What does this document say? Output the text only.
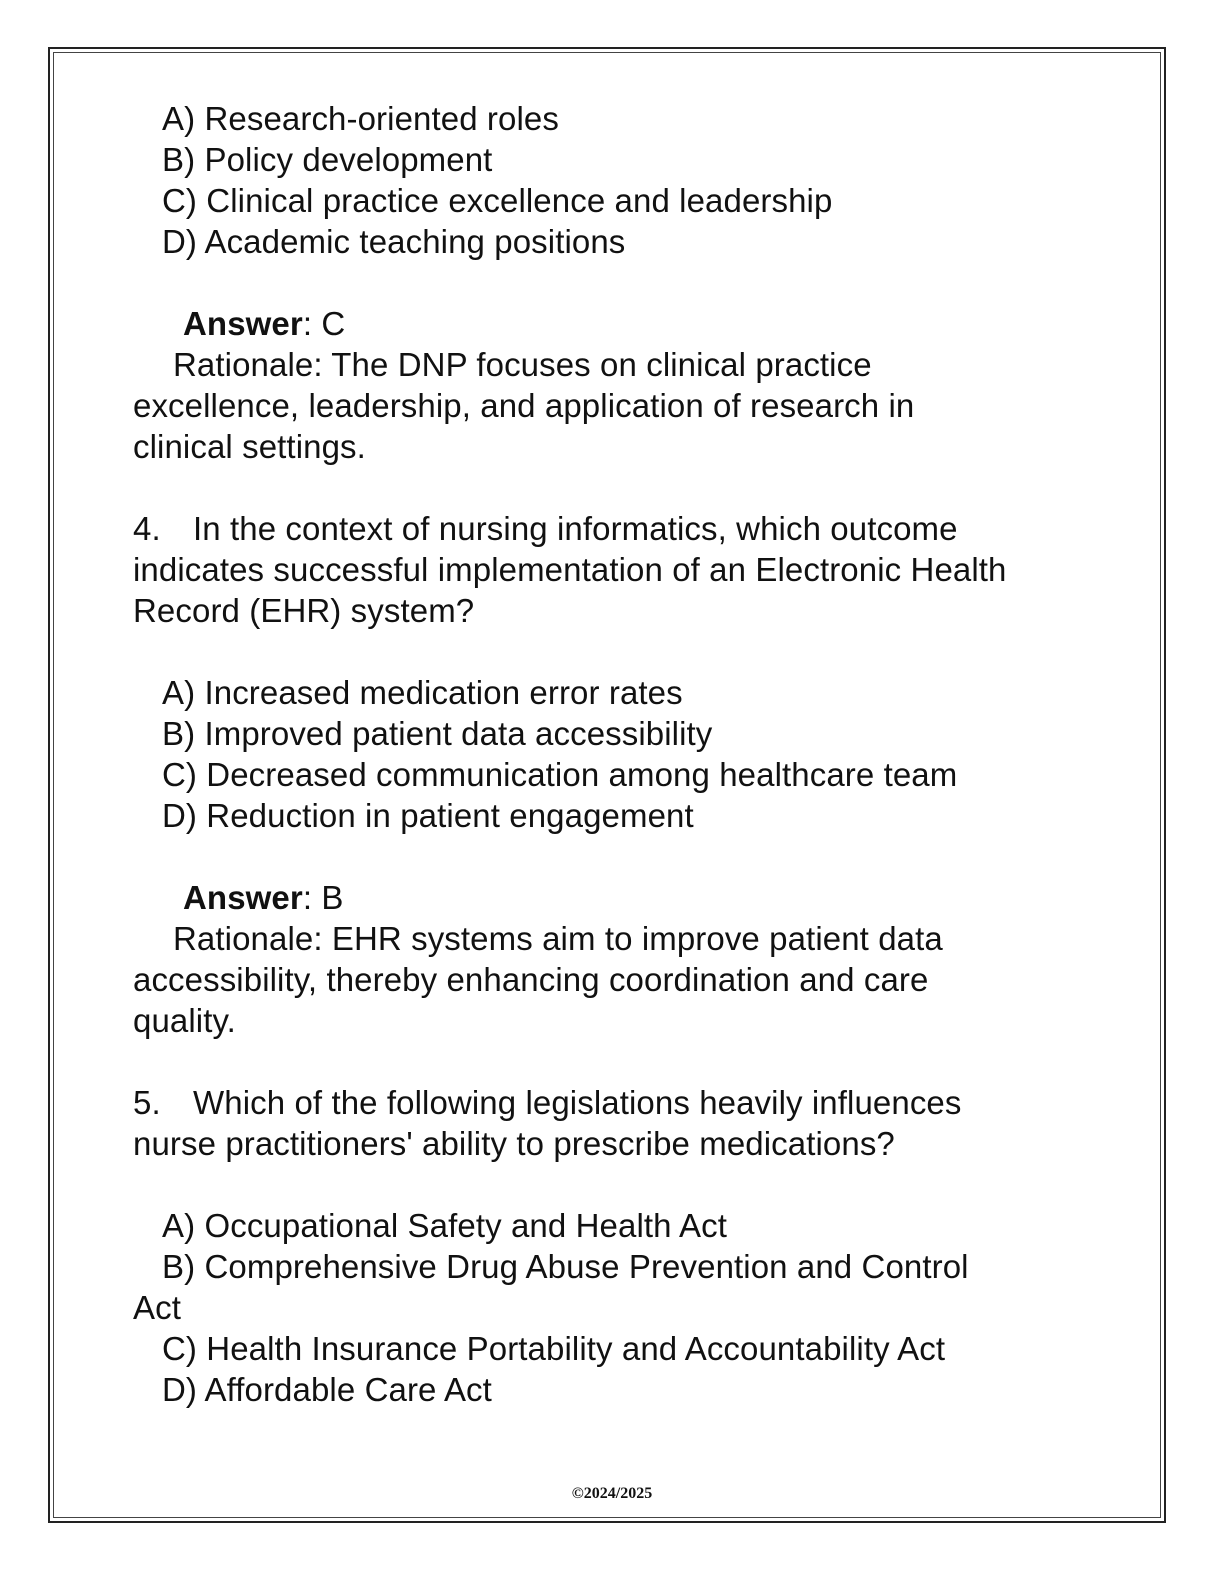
A) Research-oriented roles
B) Policy development
C) Clinical practice excellence and leadership
D) Academic teaching positions
Answer: C
Rationale: The DNP focuses on clinical practice
excellence, leadership, and application of research in
clinical settings.
4. In the context of nursing informatics, which outcome
indicates successful implementation of an Electronic Health
Record (EHR) system?
A) Increased medication error rates
B) Improved patient data accessibility
C) Decreased communication among healthcare team
D) Reduction in patient engagement
Answer: B
Rationale: EHR systems aim to improve patient data
accessibility, thereby enhancing coordination and care
quality.
5. Which of the following legislations heavily influences
nurse practitioners' ability to prescribe medications?
A) Occupational Safety and Health Act
B) Comprehensive Drug Abuse Prevention and Control
Act
C) Health Insurance Portability and Accountability Act
D) Affordable Care Act
©2024/2025
